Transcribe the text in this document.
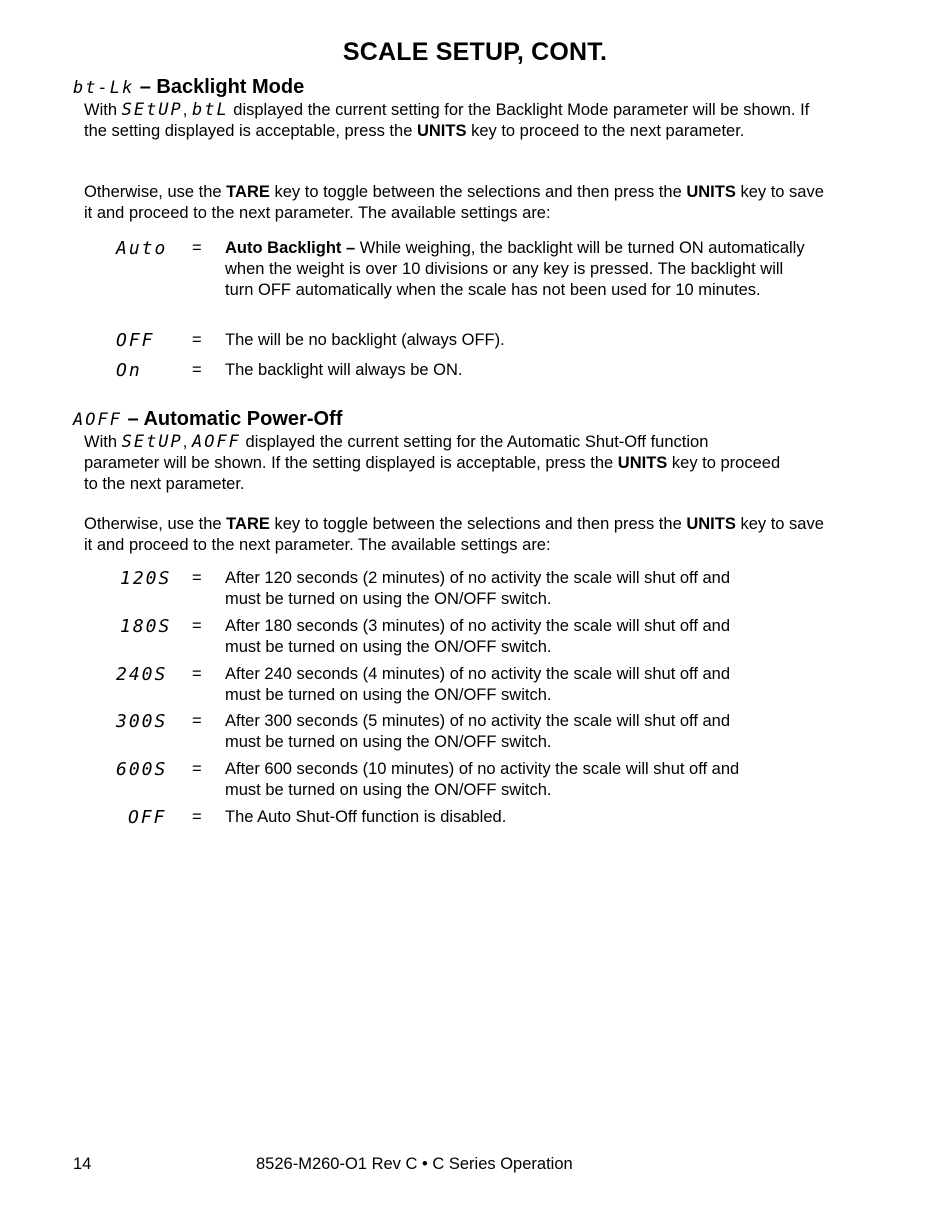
SCALE SETUP, CONT.
bt-Lk – Backlight Mode

With SEtUP, btL displayed the current setting for the Backlight Mode parameter will be shown. If the setting displayed is acceptable, press the UNITS key to proceed to the next parameter.

Otherwise, use the TARE key to toggle between the selections and then press the UNITS key to save it and proceed to the next parameter. The available settings are:

Auto = Auto Backlight – While weighing, the backlight will be turned ON automatically when the weight is over 10 divisions or any key is pressed. The backlight will turn OFF automatically when the scale has not been used for 10 minutes.
OFF = The will be no backlight (always OFF).
On	= The backlight will always be ON.
AOFF – Automatic Power-Off

With SEtUP, AOFF displayed the current setting for the Automatic Shut-Off function parameter will be shown. If the setting displayed is acceptable, press the UNITS key to proceed to the next parameter.

Otherwise, use the TARE key to toggle between the selections and then press the UNITS key to save it and proceed to the next parameter. The available settings are:

120S = After 120 seconds (2 minutes) of no activity the scale will shut off and must be turned on using the ON/OFF switch.
180S = After 180 seconds (3 minutes) of no activity the scale will shut off and must be turned on using the ON/OFF switch.
240S = After 240 seconds (4 minutes) of no activity the scale will shut off and must be turned on using the ON/OFF switch.
300S = After 300 seconds (5 minutes) of no activity the scale will shut off and must be turned on using the ON/OFF switch.
600S = After 600 seconds (10 minutes) of no activity the scale will shut off and must be turned on using the ON/OFF switch.
OFF = The Auto Shut-Off function is disabled.
14	8526-M260-O1 Rev C • C Series Operation
